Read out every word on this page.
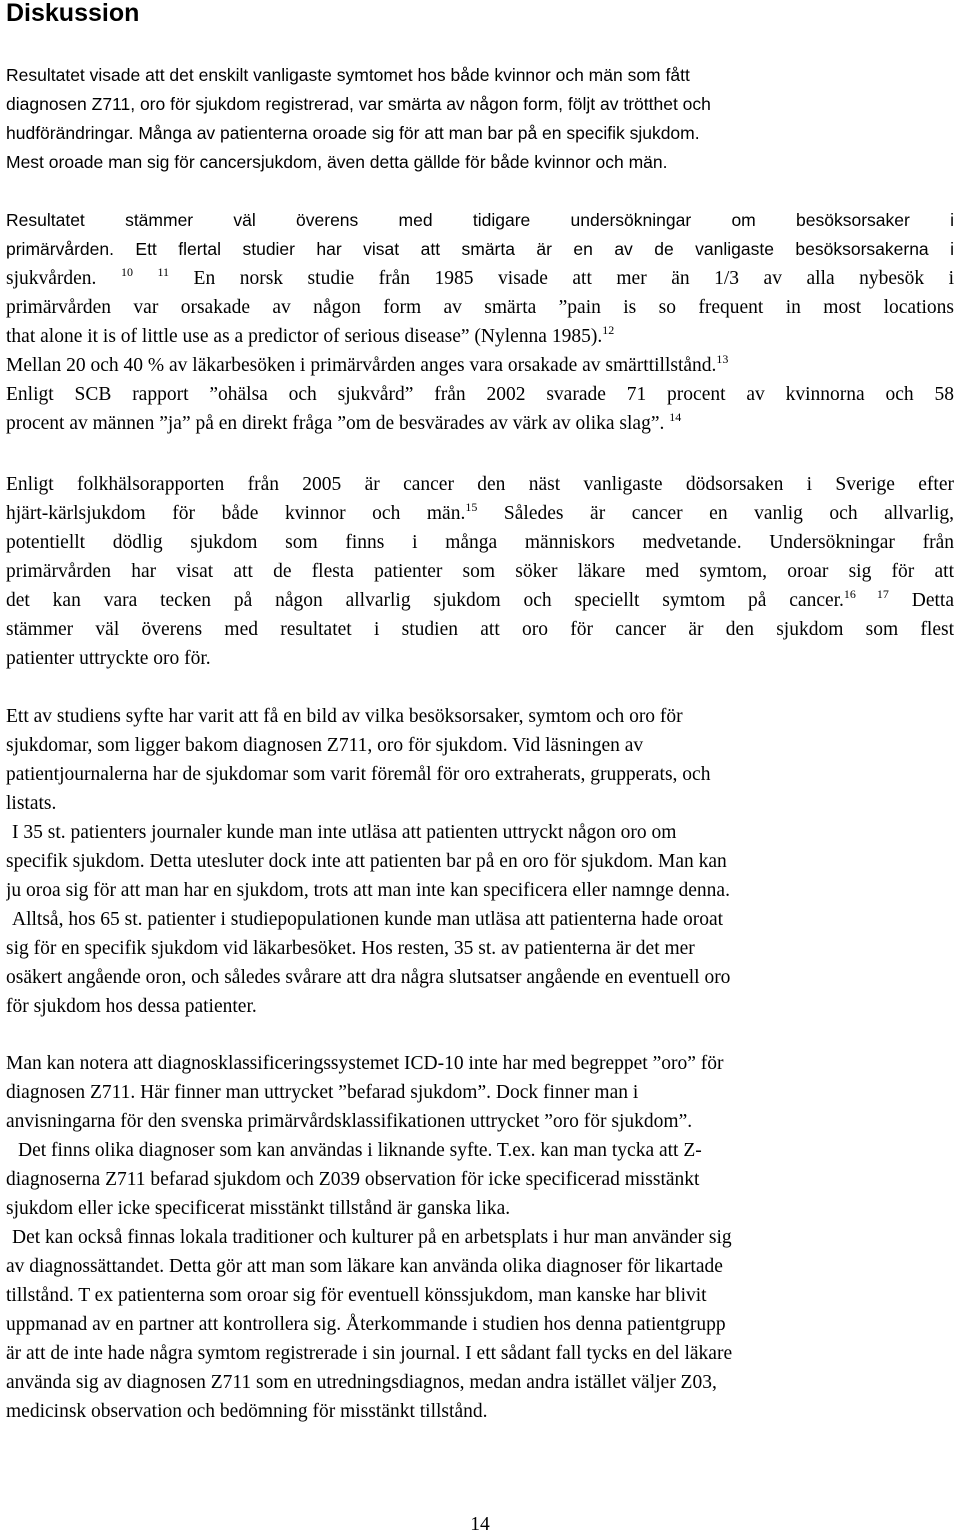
Diskussion
Resultatet visade att det enskilt vanligaste symtomet hos både kvinnor och män som fått
diagnosen Z711, oro för sjukdom registrerad, var smärta av någon form, följt av trötthet och
hudförändringar. Många av patienterna oroade sig för att man bar på en specifik sjukdom.
Mest oroade man sig för cancersjukdom, även detta gällde för både kvinnor och män.
Resultatet stämmer väl överens med tidigare undersökningar om besöksorsaker i
primärvården. Ett flertal studier har visat att smärta är en av de vanligaste besöksorsakerna i
sjukvården. $^{10}$ $^{11}$ En norsk studie från 1985 visade att mer än 1/3 av alla nybesök i
primärvården var orsakade av någon form av smärta ”pain is so frequent in most locations
that alone it is of little use as a predictor of serious disease” (Nylenna 1985).$^{12}$
Mellan 20 och 40 % av läkarbesöken i primärvården anges vara orsakade av smärttillstånd.$^{13}$
Enligt SCB rapport ”ohälsa och sjukvård” från 2002 svarade 71 procent av kvinnorna och 58
procent av männen ”ja” på en direkt fråga ”om de besvärades av värk av olika slag”. $^{14}$
Enligt folkhälsorapporten från 2005 är cancer den näst vanligaste dödsorsaken i Sverige efter
hjärt-kärlsjukdom för både kvinnor och män.$^{15}$ Således är cancer en vanlig och allvarlig,
potentiellt dödlig sjukdom som finns i många människors medvetande. Undersökningar från
primärvården har visat att de flesta patienter som söker läkare med symtom, oroar sig för att
det kan vara tecken på någon allvarlig sjukdom och speciellt symtom på cancer.$^{16 17}$ Detta
stämmer väl överens med resultatet i studien att oro för cancer är den sjukdom som flest
patienter uttryckte oro för.
Ett av studiens syfte har varit att få en bild av vilka besöksorsaker, symtom och oro för
sjukdomar, som ligger bakom diagnosen Z711, oro för sjukdom. Vid läsningen av
patientjournalerna har de sjukdomar som varit föremål för oro extraherats, grupperats, och
listats.
I 35 st. patienters journaler kunde man inte utläsa att patienten uttryckt någon oro om
specifik sjukdom. Detta utesluter dock inte att patienten bar på en oro för sjukdom. Man kan
ju oroa sig för att man har en sjukdom, trots att man inte kan specificera eller namnge denna.
Alltså, hos 65 st. patienter i studiepopulationen kunde man utläsa att patienterna hade oroat
sig för en specifik sjukdom vid läkarbesöket. Hos resten, 35 st. av patienterna är det mer
osäkert angående oron, och således svårare att dra några slutsatser angående en eventuell oro
för sjukdom hos dessa patienter.
Man kan notera att diagnosklassificeringssystemet ICD-10 inte har med begreppet ”oro” för
diagnosen Z711. Här finner man uttrycket ”befarad sjukdom”. Dock finner man i
anvisningarna för den svenska primärvårdsklassifikationen uttrycket ”oro för sjukdom”.
Det finns olika diagnoser som kan användas i liknande syfte. T.ex. kan man tycka att Z-
diagnoserna Z711 befarad sjukdom och Z039 observation för icke specificerad misstänkt
sjukdom eller icke specificerat misstänkt tillstånd är ganska lika.
Det kan också finnas lokala traditioner och kulturer på en arbetsplats i hur man använder sig
av diagnossättandet. Detta gör att man som läkare kan använda olika diagnoser för likartade
tillstånd. T ex patienterna som oroar sig för eventuell könssjukdom, man kanske har blivit
uppmanad av en partner att kontrollera sig. Återkommande i studien hos denna patientgrupp
är att de inte hade några symtom registrerade i sin journal. I ett sådant fall tycks en del läkare
använda sig av diagnosen Z711 som en utredningsdiagnos, medan andra istället väljer Z03,
medicinsk observation och bedömning för misstänkt tillstånd.
14
